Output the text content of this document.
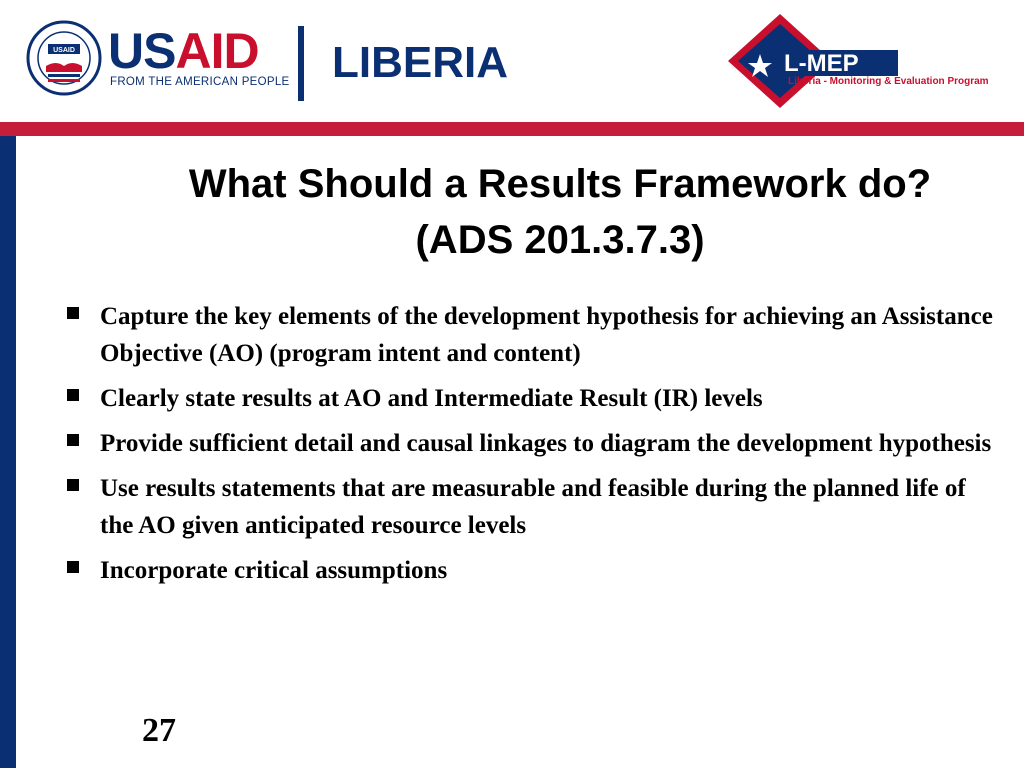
USAID USAID
FROM THE AMERICAN PEOPLE LIBERIA	L-MEP
Liberia - Monitoring & Evaluation Program
What Should a Results Framework do?
(ADS 201.3.7.3)
Capture the key elements of the development hypothesis for achieving an Assistance Objective (AO) (program intent and content)
Clearly state results at AO and Intermediate Result (IR) levels
Provide sufficient detail and causal linkages to diagram the development hypothesis
Use results statements that are measurable and feasible during the planned life of the AO given anticipated resource levels
Incorporate critical assumptions
27
